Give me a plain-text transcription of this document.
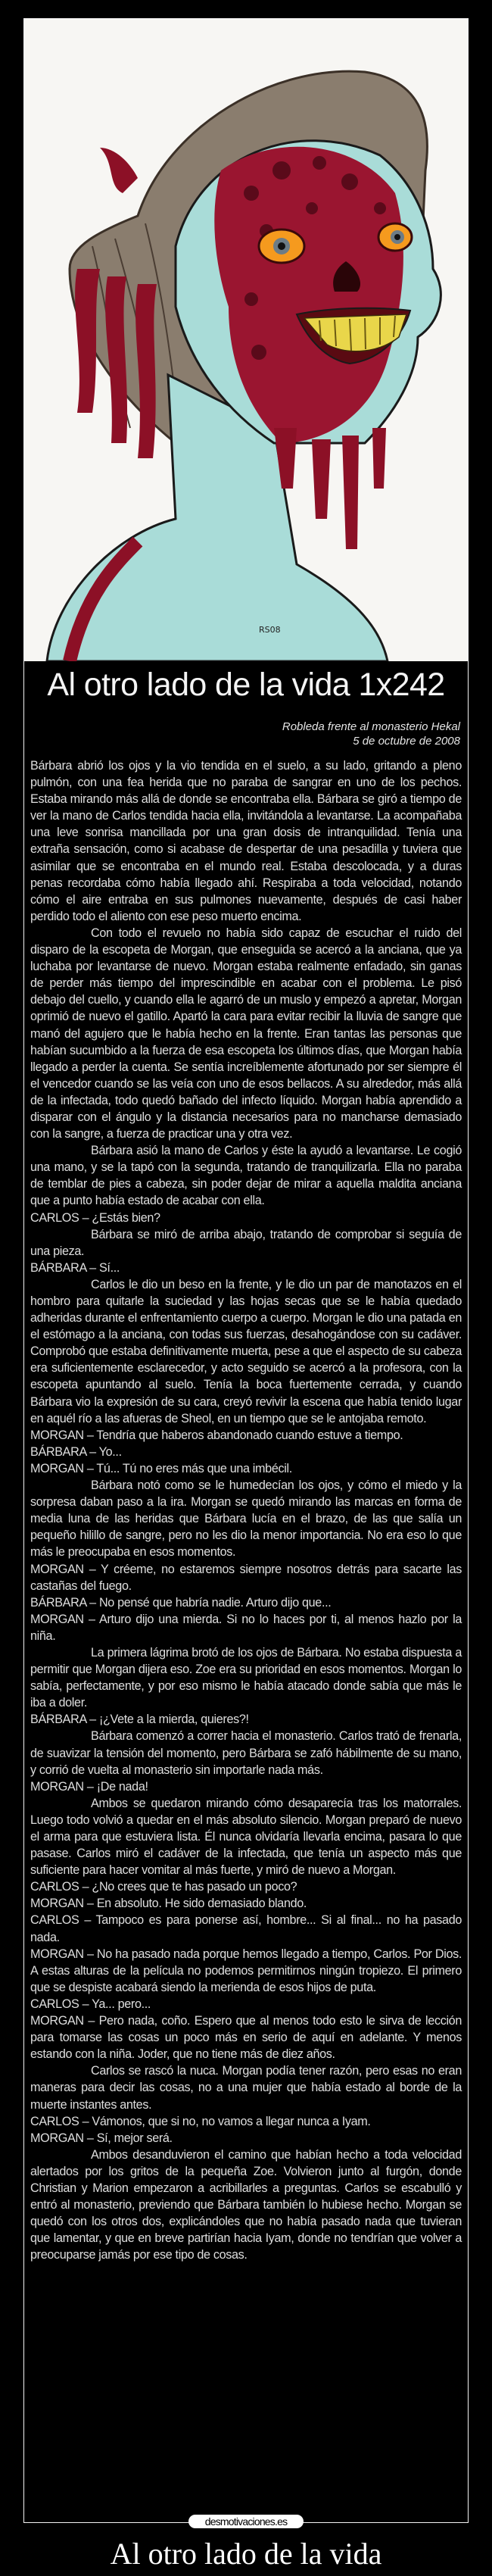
RS08
Al otro lado de la vida 1x242
Robleda frente al monasterio Hekal
5 de octubre de 2008

Bárbara abrió los ojos y la vio tendida en el suelo, a su lado, gritando a pleno pulmón, con una fea herida que no paraba de sangrar en uno de los pechos. Estaba mirando más allá de donde se encontraba ella. Bárbara se giró a tiempo de ver la mano de Carlos tendida hacia ella, invitándola a levantarse. La acompañaba una leve sonrisa mancillada por una gran dosis de intranquilidad. Tenía una extraña sensación, como si acabase de despertar de una pesadilla y tuviera que asimilar que se encontraba en el mundo real. Estaba descolocada, y a duras penas recordaba cómo había llegado ahí. Respiraba a toda velocidad, notando cómo el aire entraba en sus pulmones nuevamente, después de casi haber perdido todo el aliento con ese peso muerto encima.

Con todo el revuelo no había sido capaz de escuchar el ruido del disparo de la escopeta de Morgan, que enseguida se acercó a la anciana, que ya luchaba por levantarse de nuevo. Morgan estaba realmente enfadado, sin ganas de perder más tiempo del imprescindible en acabar con el problema. Le pisó debajo del cuello, y cuando ella le agarró de un muslo y empezó a apretar, Morgan oprimió de nuevo el gatillo. Apartó la cara para evitar recibir la lluvia de sangre que manó del agujero que le había hecho en la frente. Eran tantas las personas que habían sucumbido a la fuerza de esa escopeta los últimos días, que Morgan había llegado a perder la cuenta. Se sentía increíblemente afortunado por ser siempre él el vencedor cuando se las veía con uno de esos bellacos. A su alrededor, más allá de la infectada, todo quedó bañado del infecto líquido. Morgan había aprendido a disparar con el ángulo y la distancia necesarios para no mancharse demasiado con la sangre, a fuerza de practicar una y otra vez.

Bárbara asió la mano de Carlos y éste la ayudó a levantarse. Le cogió una mano, y se la tapó con la segunda, tratando de tranquilizarla. Ella no paraba de temblar de pies a cabeza, sin poder dejar de mirar a aquella maldita anciana que a punto había estado de acabar con ella.

CARLOS – ¿Estás bien?

Bárbara se miró de arriba abajo, tratando de comprobar si seguía de una pieza.

BÁRBARA – Sí...

Carlos le dio un beso en la frente, y le dio un par de manotazos en el hombro para quitarle la suciedad y las hojas secas que se le había quedado adheridas durante el enfrentamiento cuerpo a cuerpo. Morgan le dio una patada en el estómago a la anciana, con todas sus fuerzas, desahogándose con su cadáver. Comprobó que estaba definitivamente muerta, pese a que el aspecto de su cabeza era suficientemente esclarecedor, y acto seguido se acercó a la profesora, con la escopeta apuntando al suelo. Tenía la boca fuertemente cerrada, y cuando Bárbara vio la expresión de su cara, creyó revivir la escena que había tenido lugar en aquél río a las afueras de Sheol, en un tiempo que se le antojaba remoto.

MORGAN – Tendría que haberos abandonado cuando estuve a tiempo.

BÁRBARA – Yo...

MORGAN – Tú... Tú no eres más que una imbécil.

Bárbara notó como se le humedecían los ojos, y cómo el miedo y la sorpresa daban paso a la ira. Morgan se quedó mirando las marcas en forma de media luna de las heridas que Bárbara lucía en el brazo, de las que salía un pequeño hilillo de sangre, pero no les dio la menor importancia. No era eso lo que más le preocupaba en esos momentos.

MORGAN – Y créeme, no estaremos siempre nosotros detrás para sacarte las castañas del fuego.

BÁRBARA – No pensé que habría nadie. Arturo dijo que...

MORGAN – Arturo dijo una mierda. Si no lo haces por ti, al menos hazlo por la niña.

La primera lágrima brotó de los ojos de Bárbara. No estaba dispuesta a permitir que Morgan dijera eso. Zoe era su prioridad en esos momentos. Morgan lo sabía, perfectamente, y por eso mismo le había atacado donde sabía que más le iba a doler.

BÁRBARA – ¡¿Vete a la mierda, quieres?!

Bárbara comenzó a correr hacia el monasterio. Carlos trató de frenarla, de suavizar la tensión del momento, pero Bárbara se zafó hábilmente de su mano, y corrió de vuelta al monasterio sin importarle nada más.

MORGAN – ¡De nada!

Ambos se quedaron mirando cómo desaparecía tras los matorrales. Luego todo volvió a quedar en el más absoluto silencio. Morgan preparó de nuevo el arma para que estuviera lista. Él nunca olvidaría llevarla encima, pasara lo que pasase. Carlos miró el cadáver de la infectada, que tenía un aspecto más que suficiente para hacer vomitar al más fuerte, y miró de nuevo a Morgan.

CARLOS – ¿No crees que te has pasado un poco?

MORGAN – En absoluto. He sido demasiado blando.

CARLOS – Tampoco es para ponerse así, hombre... Si al final... no ha pasado nada.

MORGAN – No ha pasado nada porque hemos llegado a tiempo, Carlos. Por Dios. A estas alturas de la película no podemos permitirnos ningún tropiezo. El primero que se despiste acabará siendo la merienda de esos hijos de puta.

CARLOS – Ya... pero...

MORGAN – Pero nada, coño. Espero que al menos todo esto le sirva de lección para tomarse las cosas un poco más en serio de aquí en adelante. Y menos estando con la niña. Joder, que no tiene más de diez años.

Carlos se rascó la nuca. Morgan podía tener razón, pero esas no eran maneras para decir las cosas, no a una mujer que había estado al borde de la muerte instantes antes.

CARLOS – Vámonos, que si no, no vamos a llegar nunca a Iyam.

MORGAN – Sí, mejor será.

Ambos desanduvieron el camino que habían hecho a toda velocidad alertados por los gritos de la pequeña Zoe. Volvieron junto al furgón, donde Christian y Marion empezaron a acribillarles a preguntas. Carlos se escabulló y entró al monasterio, previendo que Bárbara también lo hubiese hecho. Morgan se quedó con los otros dos, explicándoles que no había pasado nada que tuvieran que lamentar, y que en breve partirían hacia Iyam, donde no tendrían que volver a preocuparse jamás por ese tipo de cosas.

desmotivaciones.es
Al otro lado de la vida
